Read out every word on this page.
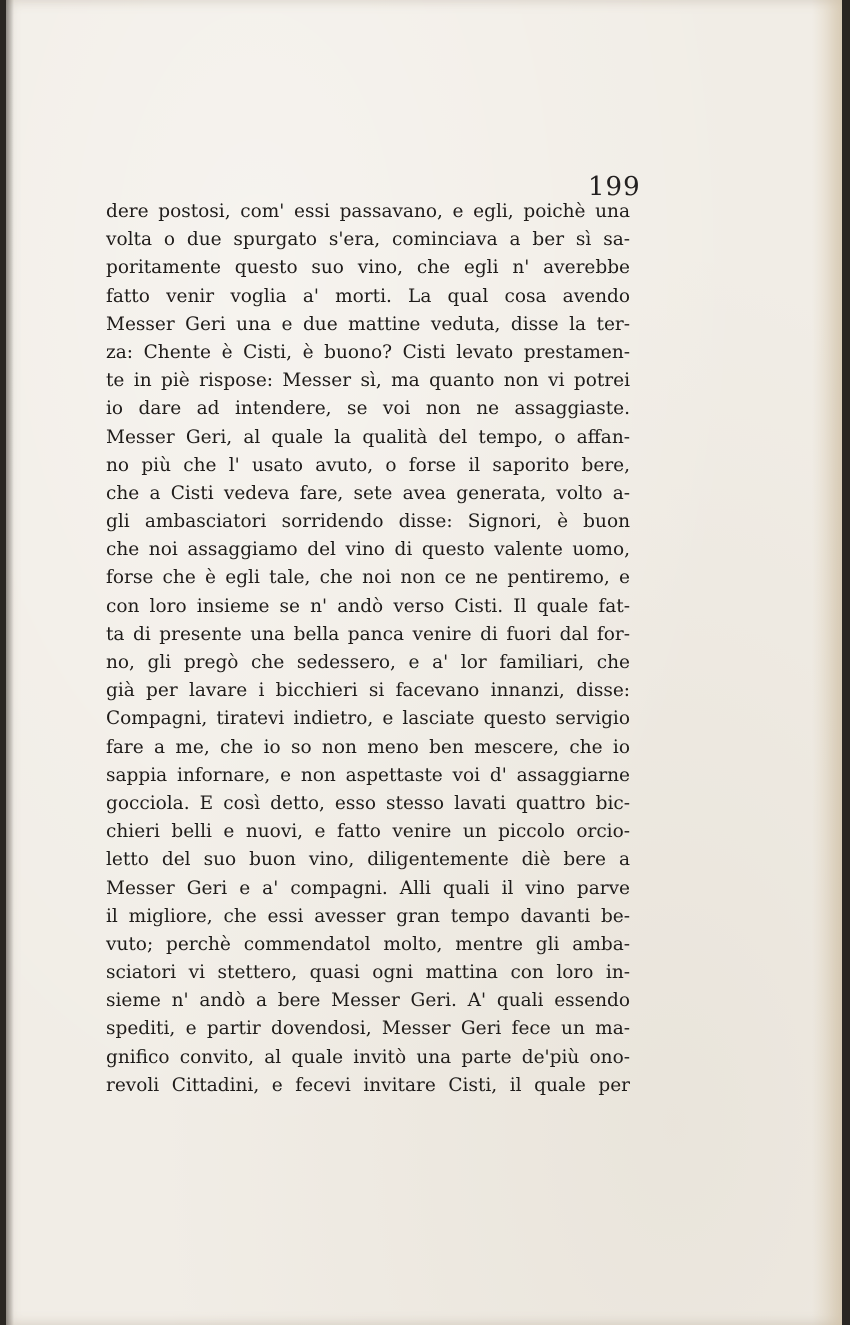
199
dere postosi, com' essi passavano, e egli, poichè una
volta o due spurgato s'era, cominciava a ber sì sa-
poritamente questo suo vino, che egli n' averebbe
fatto venir voglia a' morti. La qual cosa avendo
Messer Geri una e due mattine veduta, disse la ter-
za: Chente è Cisti, è buono? Cisti levato prestamen-
te in piè rispose: Messer sì, ma quanto non vi potrei
io dare ad intendere, se voi non ne assaggiaste.
Messer Geri, al quale la qualità del tempo, o affan-
no più che l' usato avuto, o forse il saporito bere,
che a Cisti vedeva fare, sete avea generata, volto a-
gli ambasciatori sorridendo disse: Signori, è buon
che noi assaggiamo del vino di questo valente uomo,
forse che è egli tale, che noi non ce ne pentiremo, e
con loro insieme se n' andò verso Cisti. Il quale fat-
ta di presente una bella panca venire di fuori dal for-
no, gli pregò che sedessero, e a' lor familiari, che
già per lavare i bicchieri si facevano innanzi, disse:
Compagni, tiratevi indietro, e lasciate questo servigio
fare a me, che io so non meno ben mescere, che io
sappia infornare, e non aspettaste voi d' assaggiarne
gocciola. E così detto, esso stesso lavati quattro bic-
chieri belli e nuovi, e fatto venire un piccolo orcio-
letto del suo buon vino, diligentemente diè bere a
Messer Geri e a' compagni. Alli quali il vino parve
il migliore, che essi avesser gran tempo davanti be-
vuto; perchè commendatol molto, mentre gli amba-
sciatori vi stettero, quasi ogni mattina con loro in-
sieme n' andò a bere Messer Geri. A' quali essendo
spediti, e partir dovendosi, Messer Geri fece un ma-
gnifico convito, al quale invitò una parte de'più ono-
revoli Cittadini, e fecevi invitare Cisti, il quale per
